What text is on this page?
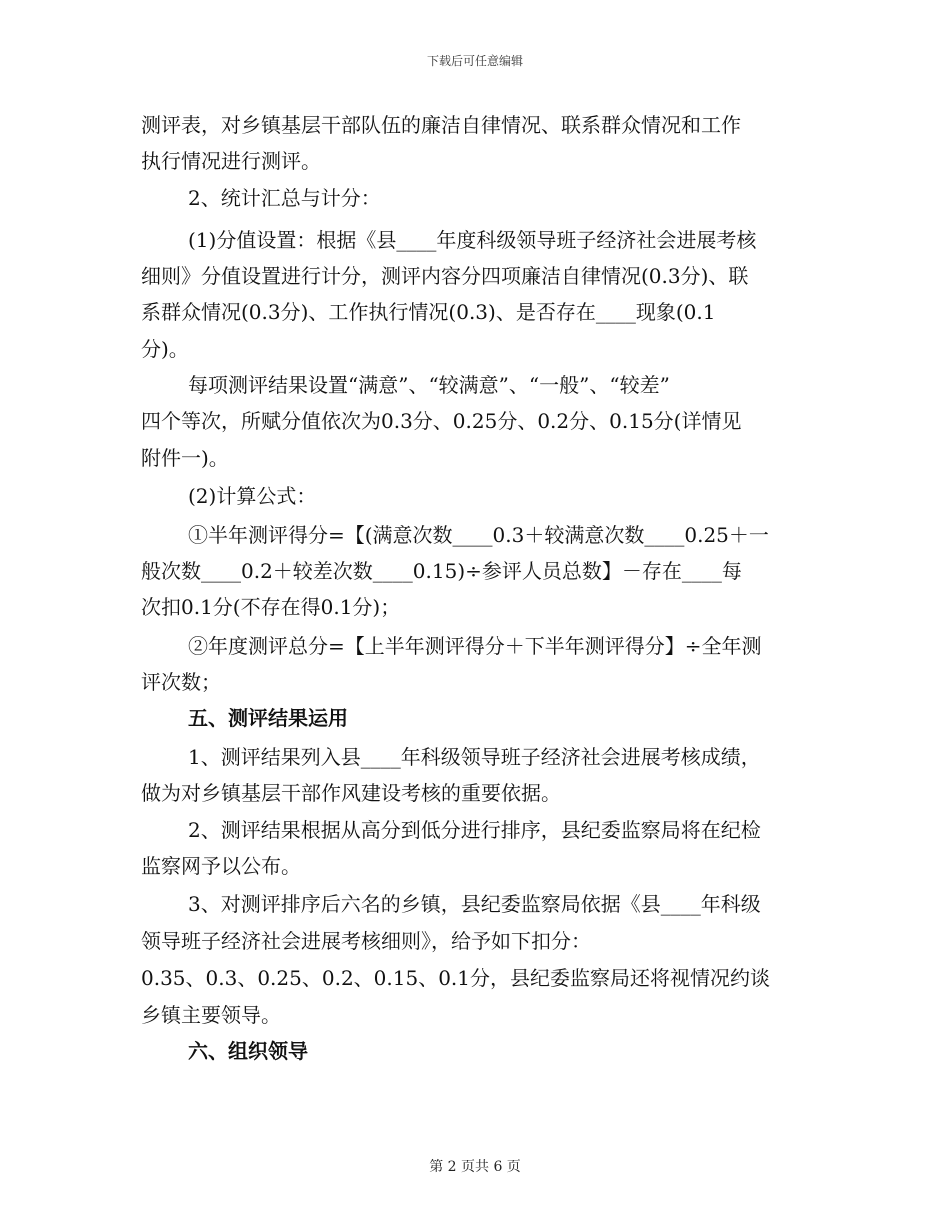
下载后可任意编辑
测评表，对乡镇基层干部队伍的廉洁自律情况、联系群众情况和工作
执行情况进行测评。
2、统计汇总与计分：
(1)分值设置：根据《县____年度科级领导班子经济社会进展考核
细则》分值设置进行计分，测评内容分四项廉洁自律情况(0.3分)、联
系群众情况(0.3分)、工作执行情况(0.3)、是否存在____现象(0.1
分)。
每项测评结果设置“满意”、“较满意”、“一般”、“较差”
四个等次，所赋分值依次为0.3分、0.25分、0.2分、0.15分(详情见
附件一)。
(2)计算公式：
①半年测评得分=【(满意次数____0.3＋较满意次数____0.25＋一
般次数____0.2＋较差次数____0.15)÷参评人员总数】－存在____每
次扣0.1分(不存在得0.1分)；
②年度测评总分=【上半年测评得分＋下半年测评得分】÷全年测
评次数；
五、测评结果运用
1、测评结果列入县____年科级领导班子经济社会进展考核成绩，
做为对乡镇基层干部作风建设考核的重要依据。
2、测评结果根据从高分到低分进行排序，县纪委监察局将在纪检
监察网予以公布。
3、对测评排序后六名的乡镇，县纪委监察局依据《县____年科级
领导班子经济社会进展考核细则》，给予如下扣分：
0.35、0.3、0.25、0.2、0.15、0.1分，县纪委监察局还将视情况约谈
乡镇主要领导。
六、组织领导
第 2 页共 6 页
